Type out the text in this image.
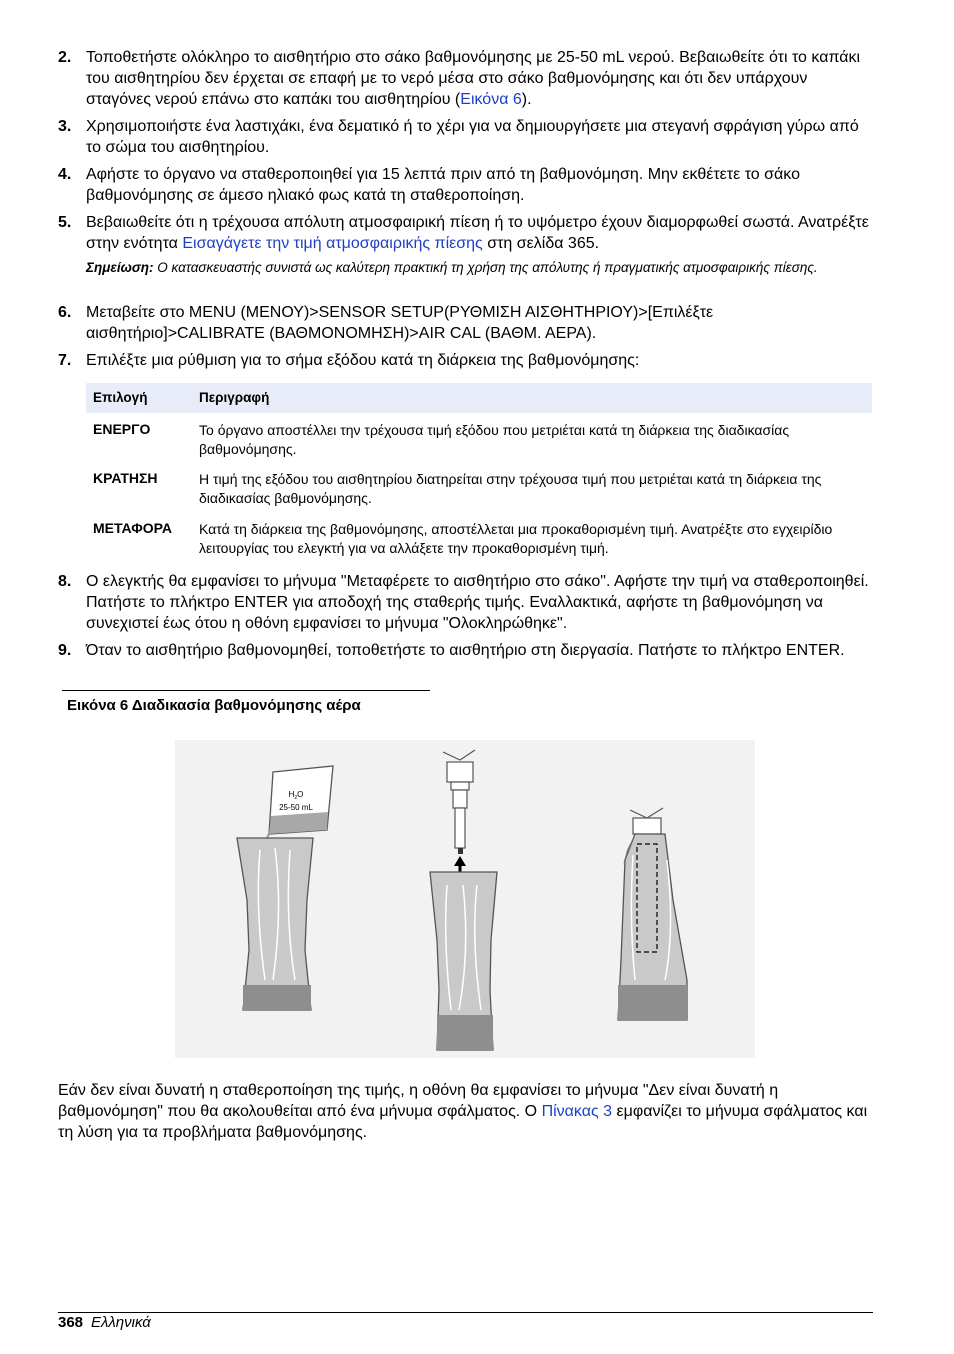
2. Τοποθετήστε ολόκληρο το αισθητήριο στο σάκο βαθμονόμησης με 25-50 mL νερού. Βεβαιωθείτε ότι το καπάκι του αισθητηρίου δεν έρχεται σε επαφή με το νερό μέσα στο σάκο βαθμονόμησης και ότι δεν υπάρχουν σταγόνες νερού επάνω στο καπάκι του αισθητηρίου (Εικόνα 6).
3. Χρησιμοποιήστε ένα λαστιχάκι, ένα δεματικό ή το χέρι για να δημιουργήσετε μια στεγανή σφράγιση γύρω από το σώμα του αισθητηρίου.
4. Αφήστε το όργανο να σταθεροποιηθεί για 15 λεπτά πριν από τη βαθμονόμηση. Μην εκθέτετε το σάκο βαθμονόμησης σε άμεσο ηλιακό φως κατά τη σταθεροποίηση.
5. Βεβαιωθείτε ότι η τρέχουσα απόλυτη ατμοσφαιρική πίεση ή το υψόμετρο έχουν διαμορφωθεί σωστά. Ανατρέξτε στην ενότητα Εισαγάγετε την τιμή ατμοσφαιρικής πίεσης στη σελίδα 365.
Σημείωση: Ο κατασκευαστής συνιστά ως καλύτερη πρακτική τη χρήση της απόλυτης ή πραγματικής ατμοσφαιρικής πίεσης.
6. Μεταβείτε στο MENU (ΜΕΝΟΥ)>SENSOR SETUP(ΡΥΘΜΙΣΗ ΑΙΣΘΗΤΗΡΙΟΥ)>[Επιλέξτε αισθητήριο]>CALIBRATE (ΒΑΘΜΟΝΟΜΗΣΗ)>AIR CAL (ΒΑΘΜ. ΑΕΡΑ).
7. Επιλέξτε μια ρύθμιση για το σήμα εξόδου κατά τη διάρκεια της βαθμονόμησης:
Επιλογή	Περιγραφή
ΕΝΕΡΓΟ	Το όργανο αποστέλλει την τρέχουσα τιμή εξόδου που μετριέται κατά τη διάρκεια της διαδικασίας βαθμονόμησης.
ΚΡΑΤΗΣΗ	Η τιμή της εξόδου του αισθητηρίου διατηρείται στην τρέχουσα τιμή που μετριέται κατά τη διάρκεια της διαδικασίας βαθμονόμησης.
ΜΕΤΑΦΟΡΑ Κατά τη διάρκεια της βαθμονόμησης, αποστέλλεται μια προκαθορισμένη τιμή. Ανατρέξτε στο εγχειρίδιο λειτουργίας του ελεγκτή για να αλλάξετε την προκαθορισμένη τιμή.
8. Ο ελεγκτής θα εμφανίσει το μήνυμα "Μεταφέρετε το αισθητήριο στο σάκο". Αφήστε την τιμή να σταθεροποιηθεί. Πατήστε το πλήκτρο ENTER για αποδοχή της σταθερής τιμής. Εναλλακτικά, αφήστε τη βαθμονόμηση να συνεχιστεί έως ότου η οθόνη εμφανίσει το μήνυμα "Ολοκληρώθηκε".
9. Όταν το αισθητήριο βαθμονομηθεί, τοποθετήστε το αισθητήριο στη διεργασία. Πατήστε το πλήκτρο ENTER.
Εικόνα 6 Διαδικασία βαθμονόμησης αέρα
$H_2O$
25-50 mL
Εάν δεν είναι δυνατή η σταθεροποίηση της τιμής, η οθόνη θα εμφανίσει το μήνυμα "Δεν είναι δυνατή η βαθμονόμηση" που θα ακολουθείται από ένα μήνυμα σφάλματος. Ο Πίνακας 3 εμφανίζει το μήνυμα σφάλματος και τη λύση για τα προβλήματα βαθμονόμησης.
368 Ελληνικά
